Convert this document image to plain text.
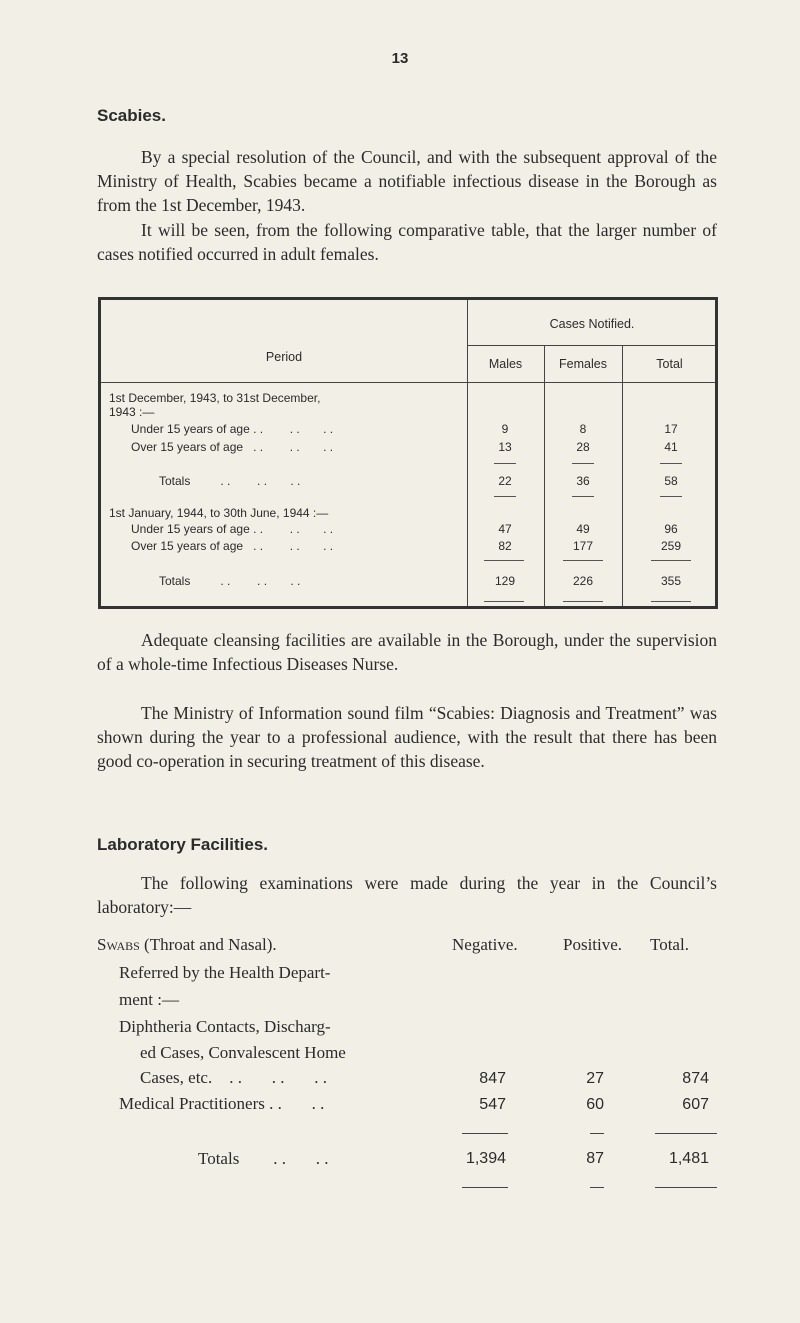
13
Scabies.

By a special resolution of the Council, and with the subsequent approval of the Ministry of Health, Scabies became a notifiable infectious disease in the Borough as from the 1st December, 1943.

It will be seen, from the following comparative table, that the larger number of cases notified occurred in adult females.

Cases Notified.
Period	Males	Females	Total
1st December, 1943, to 31st December,
1943 :—
Under 15 years of age . .        . .       . .	9	8	17
Over 15 years of age   . .        . .       . .	13	28	41
Totals         . .        . .       . .	22	36	58
1st January, 1944, to 30th June, 1944 :—
Under 15 years of age . .        . .       . .	47	49	96
Over 15 years of age   . .        . .       . .	82	177	259
Totals         . .        . .       . .	129	226	355

Adequate cleansing facilities are available in the Borough, under the supervision of a whole-time Infectious Diseases Nurse.

The Ministry of Information sound film “Scabies: Diagnosis and Treatment” was shown during the year to a professional audience, with the result that there has been good co-operation in securing treatment of this disease.

Laboratory Facilities.

The following examinations were made during the year in the Council’s laboratory:—

Swabs (Throat and Nasal).	Negative.	Positive. Total.
Referred by the Health Depart-
ment :—
Diphtheria Contacts, Discharg-
ed Cases, Convalescent Home
Cases, etc.    . .       . .       . .	847	27	874
Medical Practitioners . .       . .	547	60	607
Totals        . .       . .	1,394	87	1,481
